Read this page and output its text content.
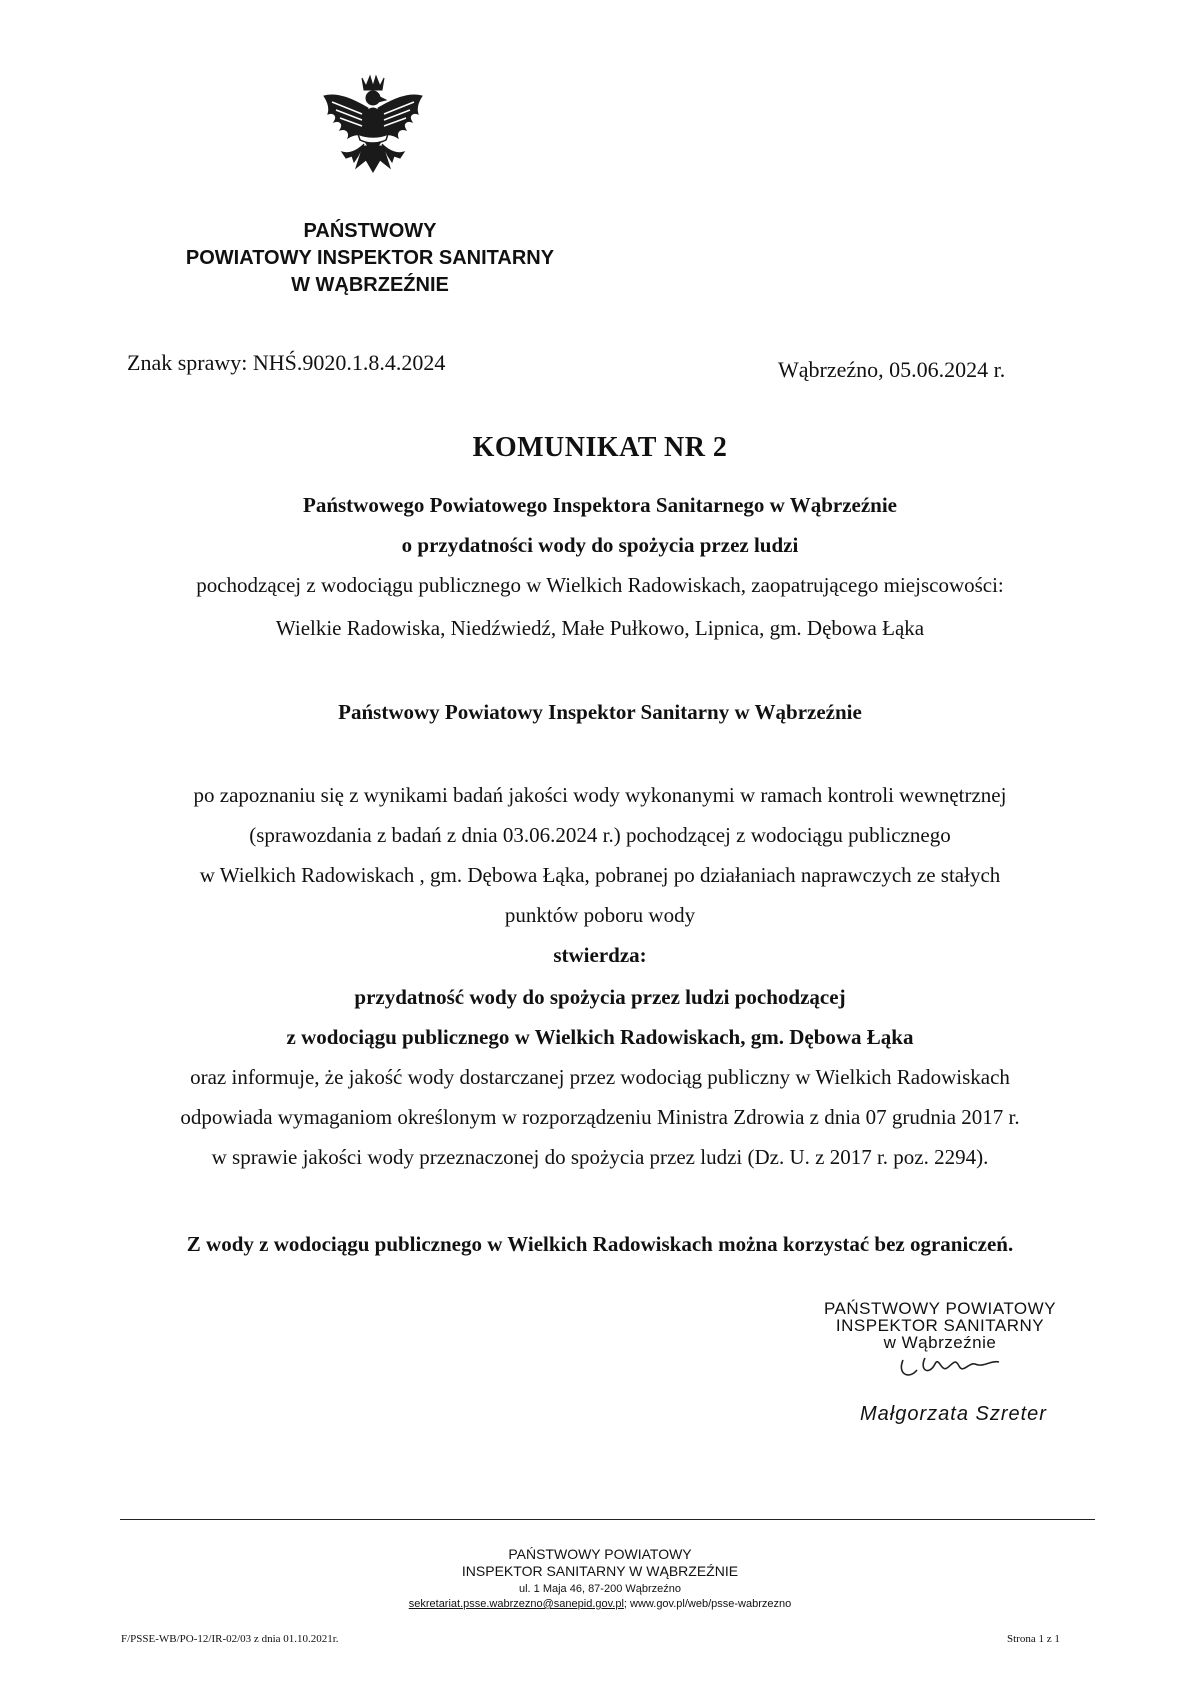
PAŃSTWOWY
POWIATOWY INSPEKTOR SANITARNY
W WĄBRZEŹNIE
Znak sprawy: NHŚ.9020.1.8.4.2024	Wąbrzeźno, 05.06.2024 r.
KOMUNIKAT NR 2
Państwowego Powiatowego Inspektora Sanitarnego w Wąbrzeźnie
o przydatności wody do spożycia przez ludzi
pochodzącej z wodociągu publicznego w Wielkich Radowiskach, zaopatrującego miejscowości:
Wielkie Radowiska, Niedźwiedź, Małe Pułkowo, Lipnica, gm. Dębowa Łąka
Państwowy Powiatowy Inspektor Sanitarny w Wąbrzeźnie
po zapoznaniu się z wynikami badań jakości wody wykonanymi w ramach kontroli wewnętrznej
(sprawozdania z badań z dnia 03.06.2024 r.) pochodzącej z wodociągu publicznego
w Wielkich Radowiskach , gm. Dębowa Łąka, pobranej po działaniach naprawczych ze stałych
punktów poboru wody
stwierdza:
przydatność wody do spożycia przez ludzi pochodzącej
z wodociągu publicznego w Wielkich Radowiskach, gm. Dębowa Łąka
oraz informuje, że jakość wody dostarczanej przez wodociąg publiczny w Wielkich Radowiskach
odpowiada wymaganiom określonym w rozporządzeniu Ministra Zdrowia z dnia 07 grudnia 2017 r.
w sprawie jakości wody przeznaczonej do spożycia przez ludzi (Dz. U. z 2017 r. poz. 2294).
Z wody z wodociągu publicznego w Wielkich Radowiskach można korzystać bez ograniczeń.
PAŃSTWOWY POWIATOWY
INSPEKTOR SANITARNY
w Wąbrzeźnie
Małgorzata Szreter
PAŃSTWOWY POWIATOWY
INSPEKTOR SANITARNY W WĄBRZEŹNIE
ul. 1 Maja 46, 87-200 Wąbrzeźno
sekretariat.psse.wabrzezno@sanepid.gov.pl; www.gov.pl/web/psse-wabrzezno
F/PSSE-WB/PO-12/IR-02/03 z dnia 01.10.2021r.	Strona 1 z 1
